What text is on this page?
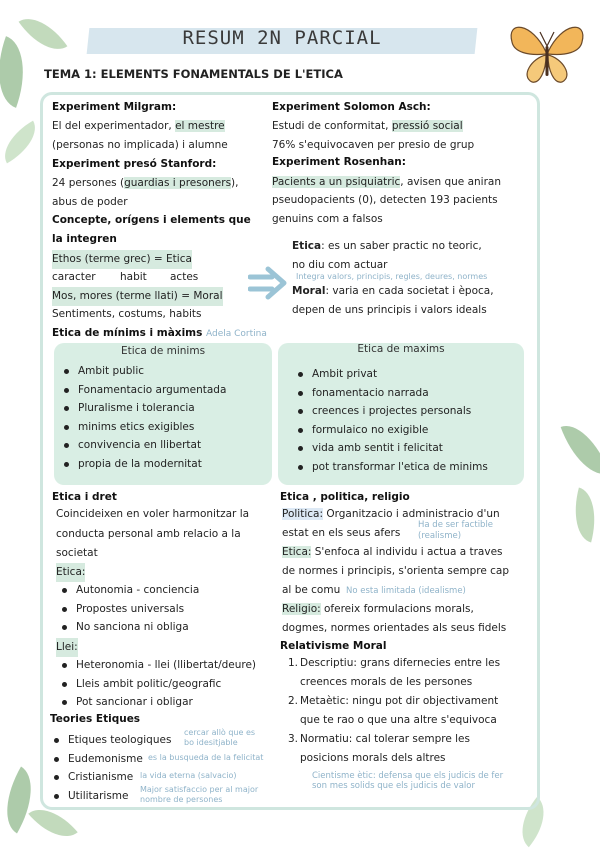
RESUM 2N PARCIAL
TEMA 1: ELEMENTS FONAMENTALS DE L'ETICA
Experiment Milgram:
El del experimentador, el mestre
(personas no implicada) i alumne
Experiment presó Stanford:
24 persones (guardias i presoners),
abus de poder
Concepte, orígens i elements que
la integren
Ethos (terme grec) = Etica
caracter habit actes
Mos, mores (terme llati) = Moral
Sentiments, costums, habits
Experiment Solomon Asch:
Estudi de conformitat, pressió social
76% s'equivocaven per presio de grup
Experiment Rosenhan:
Pacients a un psiquiatric, avisen que aniran
pseudopacients (0), detecten 193 pacients
genuins com a falsos
Etica: es un saber practic no teoric,
no diu com actuar
Integra valors, principis, regles, deures, normes
Moral: varia en cada societat i època,
depen de uns principis i valors ideals
Etica de mínims i màxims Adela Cortina
Etica de minims
Ambit public
Fonamentacio argumentada
Pluralisme i tolerancia
minims etics exigibles
convivencia en llibertat
propia de la modernitat
Etica de maxims
Ambit privat
fonamentacio narrada
creences i projectes personals
formulaico no exigible
vida amb sentit i felicitat
pot transformar l'etica de minims
Etica i dret
Coincideixen en voler harmonitzar la
conducta personal amb relacio a la
societat
Etica:
Autonomia - conciencia
Propostes universals
No sanciona ni obliga
Llei:
Heteronomia - llei (llibertat/deure)
Lleis ambit politic/geografic
Pot sancionar i obligar
Teories Etiques
Etiques teologiques
Eudemonisme
Cristianisme
Utilitarisme
cercar allò que es
bo idesitjable
es la busqueda de la felicitat
la vida eterna (salvacio)
Major satisfaccio per al major
nombre de persones
Etica , politica, religio
Politica: Organitzacio i administracio d'un
estat en els seus afers
Ha de ser factible
(realisme)
Etica: S'enfoca al individu i actua a traves
de normes i principis, s'orienta sempre cap
al be comu No esta limitada (idealisme)
Religio: ofereix formulacions morals,
dogmes, normes orientades als seus fidels
Relativisme Moral
1. Descriptiu: grans difernecies entre les
creences morals de les persones
2. Metaètic: ningu pot dir objectivament
que te rao o que una altre s'equivoca
3. Normatiu: cal tolerar sempre les
posicions morals dels altres
Cientisme ètic: defensa que els judicis de fer
son mes solids que els judicis de valor
